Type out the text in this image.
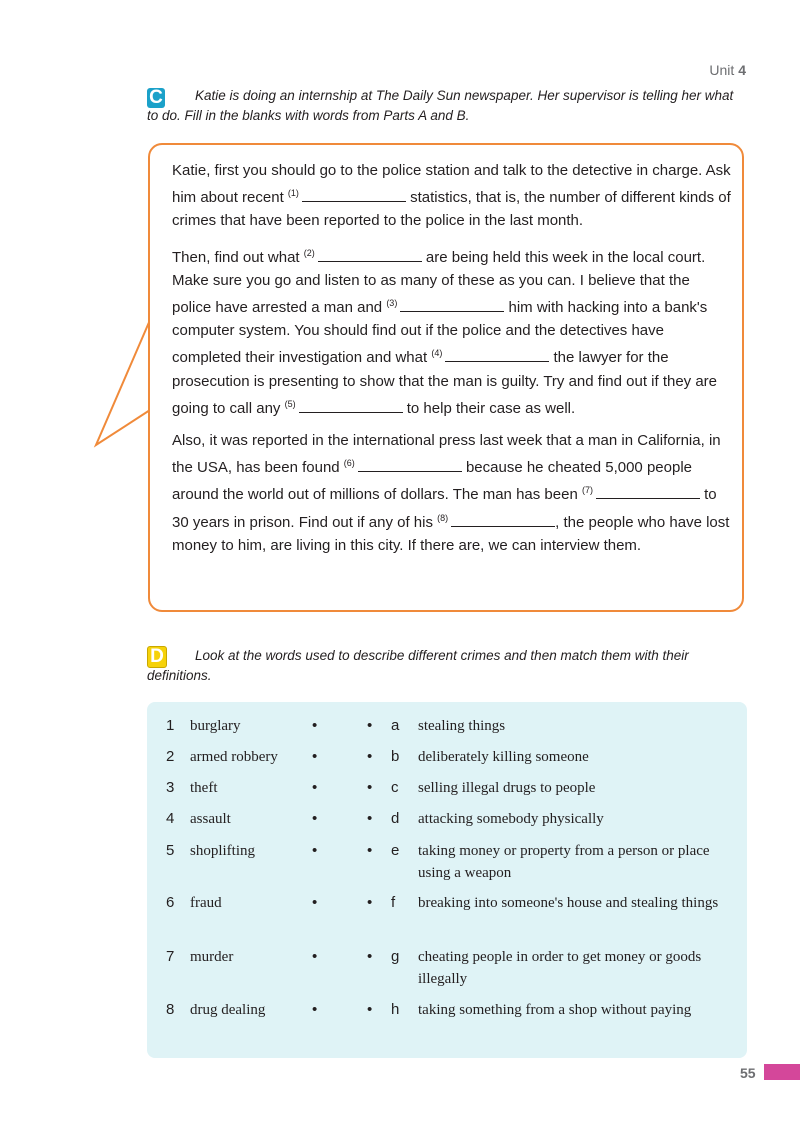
Unit 4
C Katie is doing an internship at The Daily Sun newspaper. Her supervisor is telling her what to do. Fill in the blanks with words from Parts A and B.

Katie, first you should go to the police station and talk to the detective in charge. Ask him about recent $^{(1)}$	statistics, that is, the number of different kinds of crimes that have been reported to the police in the last month.

Then, find out what $^{(2)}$	are being held this week in the local court. Make sure you go and listen to as many of these as you can. I believe that the police have arrested a man and $^{(3)}$	him with hacking into a bank's computer system. You should find out if the police and the detectives have completed their investigation and what $^{(4)}$	the lawyer for the prosecution is presenting to show that the man is guilty. Try and find out if they are going to call any $^{(5)}$	to help their case as well.

Also, it was reported in the international press last week that a man in California, in the USA, has been found $^{(6)}$	because he cheated 5,000 people around the world out of millions of dollars. The man has been $^{(7)}$	to 30 years in prison. Find out if any of his $^{(8)}$	, the people who have lost money to him, are living in this city. If there are, we can interview them.

D Look at the words used to describe different crimes and then match them with their definitions.
1 burglary	•	• a stealing things
2 armed robbery •	• b deliberately killing someone
3 theft	•	• c selling illegal drugs to people
4 assault	•	• d attacking somebody physically
5 shoplifting	•	• e taking money or property from a person or place using a weapon
6 fraud	•	• f breaking into someone's house and stealing things
7 murder	•	• g cheating people in order to get money or goods illegally
8 drug dealing	•	• h taking something from a shop without paying
55
